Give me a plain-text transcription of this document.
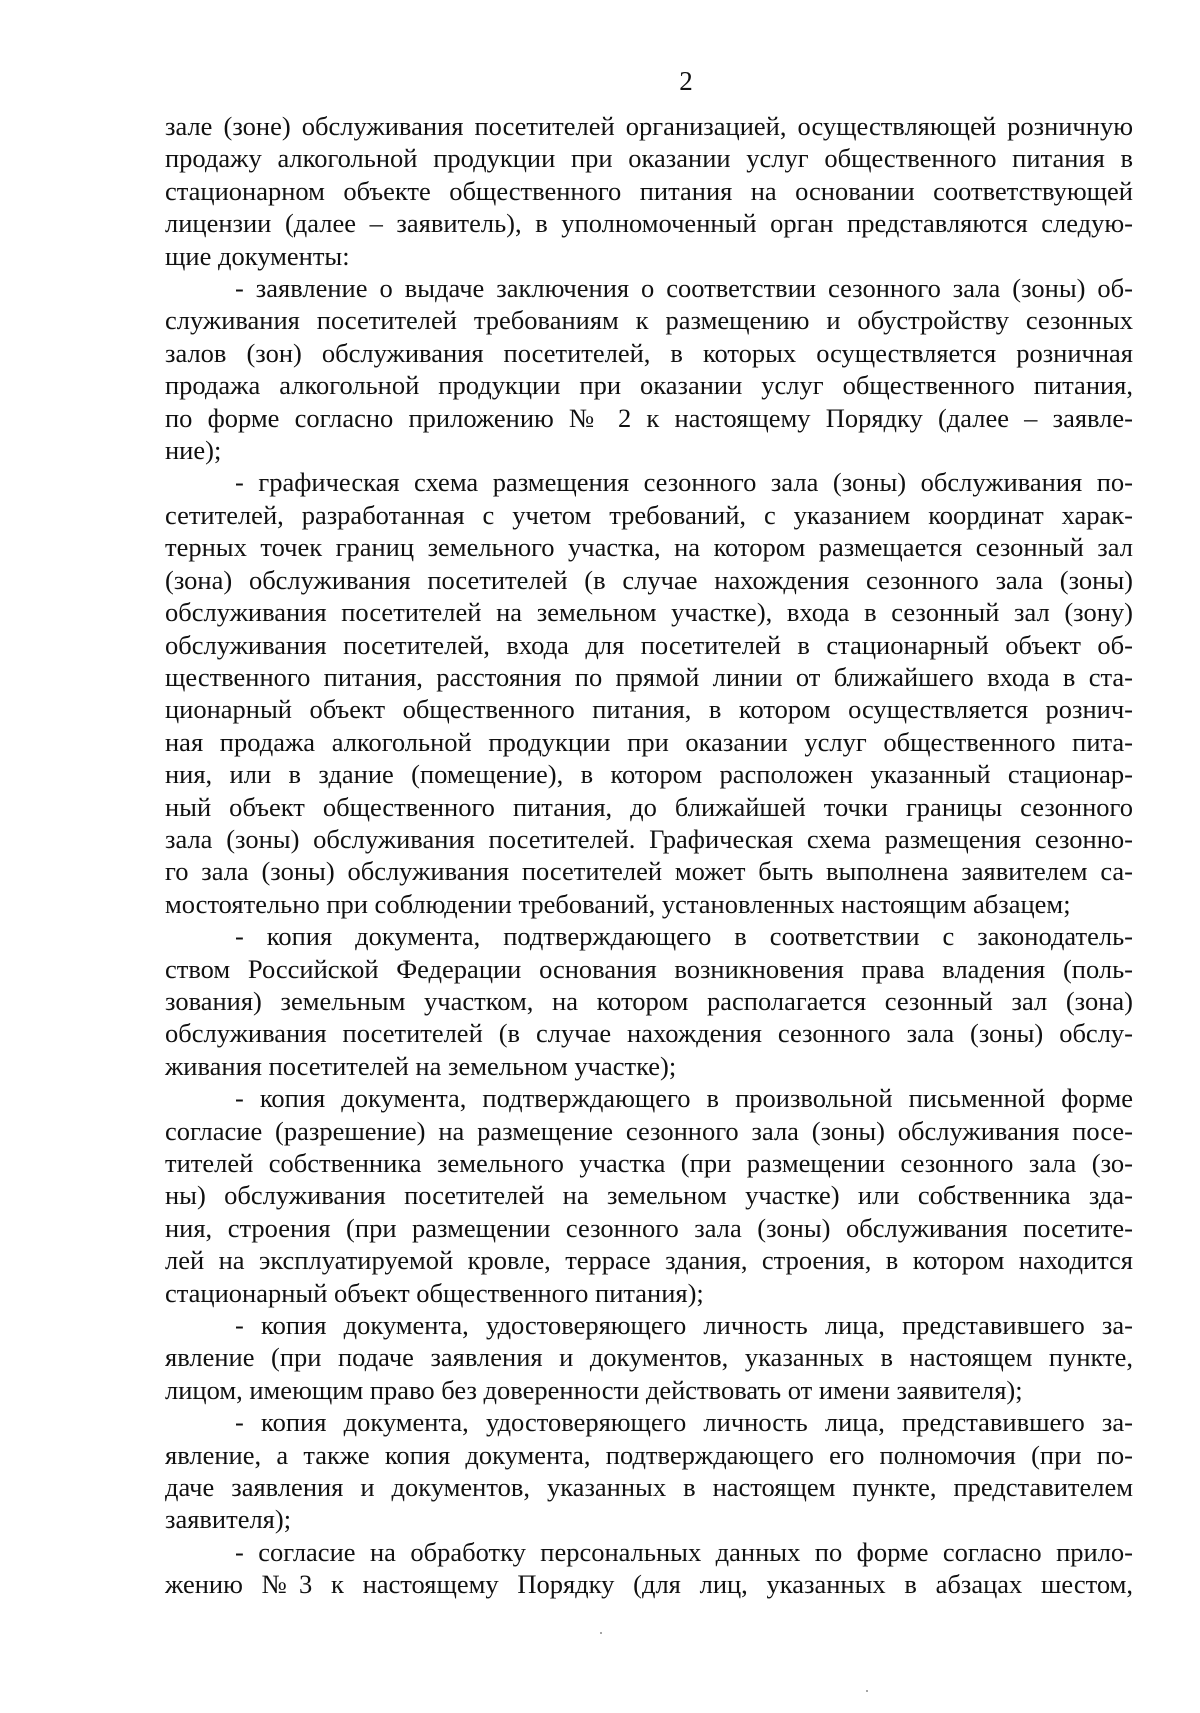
2
зале (зоне) обслуживания посетителей организацией, осуществляющей розничную
продажу алкогольной продукции при оказании услуг общественного питания в
стационарном объекте общественного питания на основании соответствующей
лицензии (далее – заявитель), в уполномоченный орган представляются следую-
щие документы:
- заявление о выдаче заключения о соответствии сезонного зала (зоны) об-
служивания посетителей требованиям к размещению и обустройству сезонных
залов (зон) обслуживания посетителей, в которых осуществляется розничная
продажа алкогольной продукции при оказании услуг общественного питания,
по форме согласно приложению № 2 к настоящему Порядку (далее – заявле-
ние);
- графическая схема размещения сезонного зала (зоны) обслуживания по-
сетителей, разработанная с учетом требований, с указанием координат харак-
терных точек границ земельного участка, на котором размещается сезонный зал
(зона) обслуживания посетителей (в случае нахождения сезонного зала (зоны)
обслуживания посетителей на земельном участке), входа в сезонный зал (зону)
обслуживания посетителей, входа для посетителей в стационарный объект об-
щественного питания, расстояния по прямой линии от ближайшего входа в ста-
ционарный объект общественного питания, в котором осуществляется рознич-
ная продажа алкогольной продукции при оказании услуг общественного пита-
ния, или в здание (помещение), в котором расположен указанный стационар-
ный объект общественного питания, до ближайшей точки границы сезонного
зала (зоны) обслуживания посетителей. Графическая схема размещения сезонно-
го зала (зоны) обслуживания посетителей может быть выполнена заявителем са-
мостоятельно при соблюдении требований, установленных настоящим абзацем;
- копия документа, подтверждающего в соответствии с законодатель-
ством Российской Федерации основания возникновения права владения (поль-
зования) земельным участком, на котором располагается сезонный зал (зона)
обслуживания посетителей (в случае нахождения сезонного зала (зоны) обслу-
живания посетителей на земельном участке);
- копия документа, подтверждающего в произвольной письменной форме
согласие (разрешение) на размещение сезонного зала (зоны) обслуживания посе-
тителей собственника земельного участка (при размещении сезонного зала (зо-
ны) обслуживания посетителей на земельном участке) или собственника зда-
ния, строения (при размещении сезонного зала (зоны) обслуживания посетите-
лей на эксплуатируемой кровле, террасе здания, строения, в котором находится
стационарный объект общественного питания);
- копия документа, удостоверяющего личность лица, представившего за-
явление (при подаче заявления и документов, указанных в настоящем пункте,
лицом, имеющим право без доверенности действовать от имени заявителя);
- копия документа, удостоверяющего личность лица, представившего за-
явление, а также копия документа, подтверждающего его полномочия (при по-
даче заявления и документов, указанных в настоящем пункте, представителем
заявителя);
- согласие на обработку персональных данных по форме согласно прило-
жению №3 к настоящему Порядку (для лиц, указанных в абзацах шестом,
